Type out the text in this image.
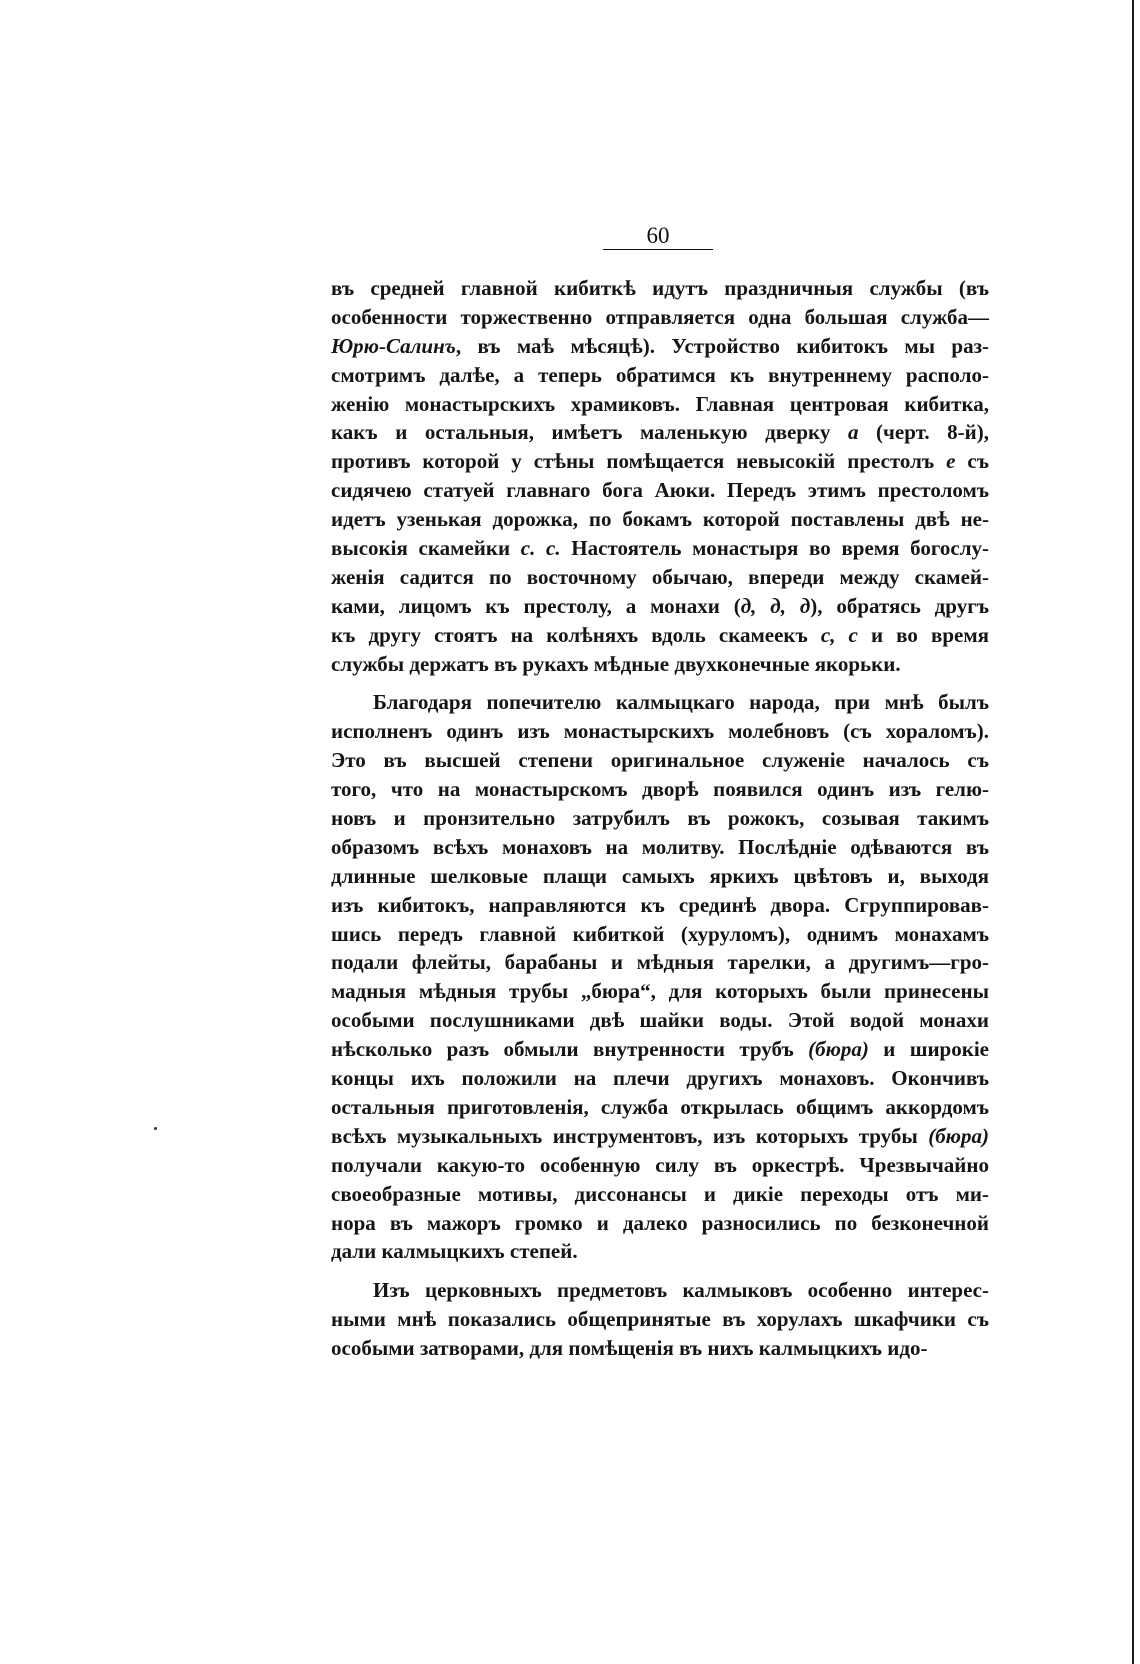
60
въ средней главной кибиткѣ идутъ праздничныя службы (въ
особенности торжественно отправляется одна большая служба—
Юрю-Салинъ, въ маѣ мѣсяцѣ). Устройство кибитокъ мы раз-
смотримъ далѣе, а теперь обратимся къ внутреннему располо-
женію монастырскихъ храмиковъ. Главная центровая кибитка,
какъ и остальныя, имѣетъ маленькую дверку а (черт. 8-й),
противъ которой у стѣны помѣщается невысокій престолъ е съ
сидячею статуей главнаго бога Аюки. Передъ этимъ престоломъ
идетъ узенькая дорожка, по бокамъ которой поставлены двѣ не-
высокія скамейки с. с. Настоятель монастыря во время богослу-
женія садится по восточному обычаю, впереди между скамей-
ками, лицомъ къ престолу, а монахи (д, д, д), обратясь другъ
къ другу стоятъ на колѣняхъ вдоль скамеекъ с, с и во время
службы держатъ въ рукахъ мѣдные двухконечные якорьки.
Благодаря попечителю калмыцкаго народа, при мнѣ былъ
исполненъ одинъ изъ монастырскихъ молебновъ (съ хораломъ).
Это въ высшей степени оригинальное служеніе началось съ
того, что на монастырскомъ дворѣ появился одинъ изъ гелю-
новъ и пронзительно затрубилъ въ рожокъ, созывая такимъ
образомъ всѣхъ монаховъ на молитву. Послѣдніе одѣваются въ
длинные шелковые плащи самыхъ яркихъ цвѣтовъ и, выходя
изъ кибитокъ, направляются къ срединѣ двора. Сгруппировав-
шись передъ главной кибиткой (хуруломъ), однимъ монахамъ
подали флейты, барабаны и мѣдныя тарелки, а другимъ—гро-
мадныя мѣдныя трубы „бюра“, для которыхъ были принесены
особыми послушниками двѣ шайки воды. Этой водой монахи
нѣсколько разъ обмыли внутренности трубъ (бюра) и широкіе
концы ихъ положили на плечи другихъ монаховъ. Окончивъ
остальныя приготовленія, служба открылась общимъ аккордомъ
всѣхъ музыкальныхъ инструментовъ, изъ которыхъ трубы (бюра)
получали какую-то особенную силу въ оркестрѣ. Чрезвычайно
своеобразные мотивы, диссонансы и дикіе переходы отъ ми-
нора въ мажоръ громко и далеко разносились по безконечной
дали калмыцкихъ степей.
Изъ церковныхъ предметовъ калмыковъ особенно интерес-
ными мнѣ показались общепринятые въ хорулахъ шкафчики съ
особыми затворами, для помѣщенія въ нихъ калмыцкихъ идо-
